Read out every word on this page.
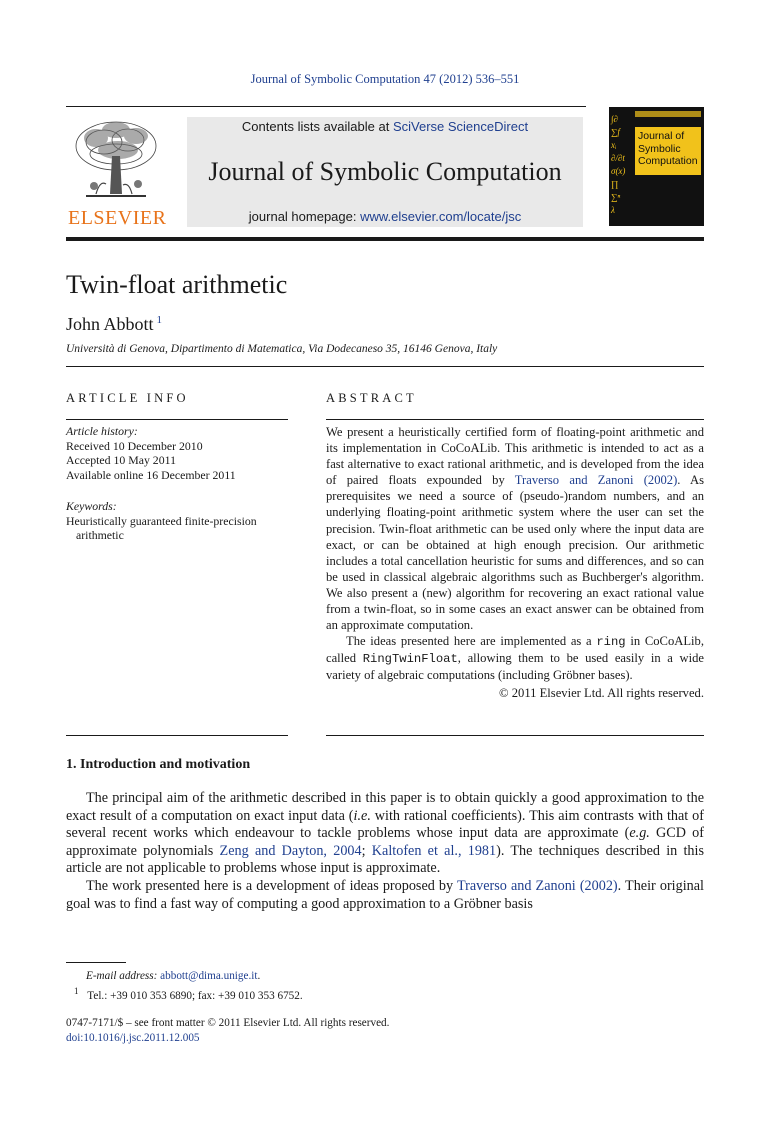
Journal of Symbolic Computation 47 (2012) 536–551
ELSEVIER
Contents lists available at SciVerse ScienceDirect
Journal of Symbolic Computation
journal homepage: www.elsevier.com/locate/jsc
∫∂
∑f
xᵢ
∂/∂t
σ(x)
∏
∑ⁿ
λ
Journal of
Symbolic
Computation
Twin-float arithmetic
John Abbott $^1$
Università di Genova, Dipartimento di Matematica, Via Dodecaneso 35, 16146 Genova, Italy
ARTICLE INFO
Article history:
Received 10 December 2010
Accepted 10 May 2011
Available online 16 December 2011
Keywords:
Heuristically guaranteed finite-precision
arithmetic
ABSTRACT

We present a heuristically certified form of floating-point arithmetic and its implementation in CoCoALib. This arithmetic is intended to act as a fast alternative to exact rational arithmetic, and is developed from the idea of paired floats expounded by Traverso and Zanoni (2002). As prerequisites we need a source of (pseudo-)random numbers, and an underlying floating-point arithmetic system where the user can set the precision. Twin-float arithmetic can be used only where the input data are exact, or can be obtained at high enough precision. Our arithmetic includes a total cancellation heuristic for sums and differences, and so can be used in classical algebraic algorithms such as Buchberger's algorithm. We also present a (new) algorithm for recovering an exact rational value from a twin-float, so in some cases an exact answer can be obtained from an approximate computation.

The ideas presented here are implemented as a ring in CoCoALib, called RingTwinFloat, allowing them to be used easily in a wide variety of algebraic computations (including Gröbner bases).

© 2011 Elsevier Ltd. All rights reserved.
1. Introduction and motivation

The principal aim of the arithmetic described in this paper is to obtain quickly a good approximation to the exact result of a computation on exact input data (i.e. with rational coefficients). This aim contrasts with that of several recent works which endeavour to tackle problems whose input data are approximate (e.g. GCD of approximate polynomials Zeng and Dayton, 2004; Kaltofen et al., 1981). The techniques described in this article are not applicable to problems whose input is approximate.

The work presented here is a development of ideas proposed by Traverso and Zanoni (2002). Their original goal was to find a fast way of computing a good approximation to a Gröbner basis

E-mail address: abbott@dima.unige.it.
$^1$ Tel.: +39 010 353 6890; fax: +39 010 353 6752.
0747-7171/$ – see front matter © 2011 Elsevier Ltd. All rights reserved.
doi:10.1016/j.jsc.2011.12.005
